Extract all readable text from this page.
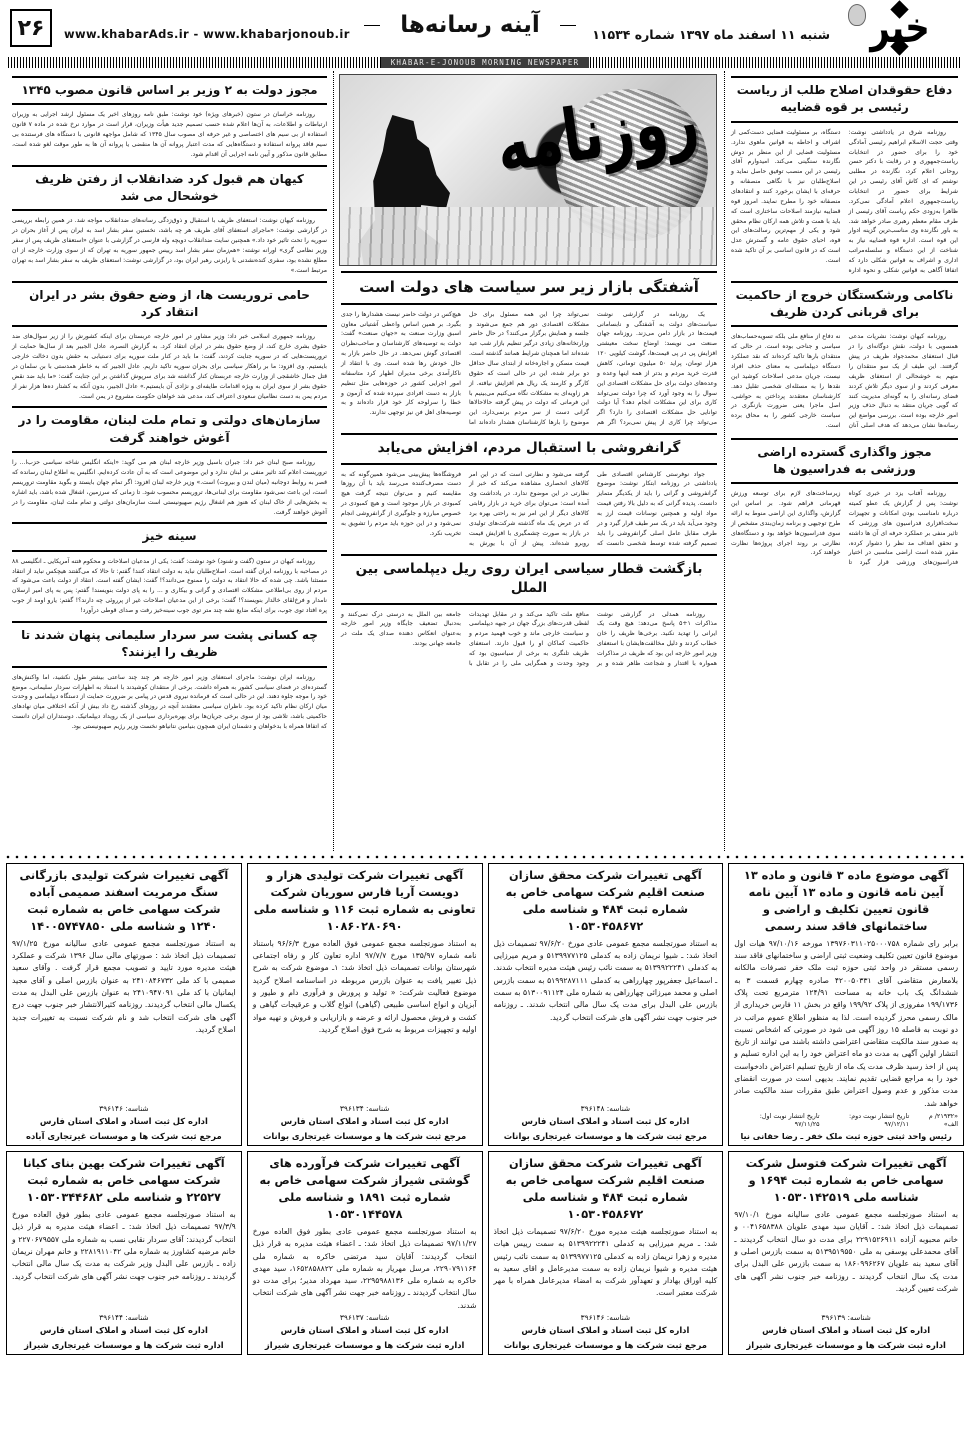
خبر
شنبه ۱۱ اسفند ماه ۱۳۹۷ شماره ۱۱۵۳۴
آینه رسانه‌ها
www.khabarAds.ir - www.khabarjonoub.ir
۲۶
KHABAR-E-JONOUB MORNING NEWSPAPER
دفاع حقوقدان اصلاح طلب از ریاست رئیسی بر قوه قضاییه

روزنامه شرق در یادداشتی نوشت: وقتی حجت الاسلام ابراهیم رئیسی آمادگی خود را برای حضور در انتخابات ریاست‌جمهوری و در رقابت با دکتر حسن روحانی اعلام کرد، نگارنده در مطلبی نوشتم که ای کاش آقای رئیسی در این شرایط برای حضور در انتخابات ریاست‌جمهوری اعلام آمادگی نمی‌کرد. ظاهرا به‌زودی حکم ریاست آقای رئیسی از طرف مقام معظم رهبری صادر خواهد شد. به باور نگارنده وی مناسب‌ترین گزینه ادوار این قوه است. اداره قوه قضاییه نیاز به شناخت از این دستگاه و سلسله‌مراتب اداری و اشراف به قوانین شکلی دارد که اتفاقا آگاهی به قوانین شکلی و نحوه اداره دستگاه، بر مسئولیت قضایی دست‌کمی از اشراف و احاطه به قوانین ماهوی ندارد. مسئولیت قضایی از این منظر بر دوش نگارنده سنگینی می‌کند. امیدوارم آقای رئیسی در این منصب توفیق حاصل نماید و اصلاح‌طلبان نیز با نگاهی منصفانه و حرفه‌ای با ایشان برخورد کنند و انتقادهای منصفانه خود را مطرح نمایند. امروز قوه قضاییه نیازمند اصلاحات ساختاری است که باید با همت و تلاش همه ارکان نظام محقق شود و یکی از مهم‌ترین رسالت‌های این قوه، احیای حقوق عامه و گسترش عدل است که در قانون اساسی بر آن تاکید شده است.

ناکامی ورشکستگان خروج از حاکمیت برای قربانی کردن ظریف

روزنامه کیهان نوشت: نشریات مدعی همسویی با دولت، نقش دوگانه‌ای را در قبال استعفای محمدجواد ظریف در پیش گرفتند. این طیف از یک سو منتقدان را متهم به خوشحالی از استعفای ظریف معرفی کردند و از سوی دیگر تلاش کردند فضای رسانه‌ای را به گونه‌ای مدیریت کنند که گویی جریان منتقد به دنبال حذف وزیر امور خارجه بوده است. بررسی مواضع این رسانه‌ها نشان می‌دهد که هدف اصلی آنان نه دفاع از منافع ملی بلکه تسویه‌حساب‌های سیاسی و جناحی بوده است. در حالی که منتقدان بارها تاکید کرده‌اند که نقد عملکرد دستگاه دیپلماسی به معنای حذف افراد نیست، جریان مدعی اصلاحات کوشید این نقدها را به مسئله‌ای شخصی تقلیل دهد. کارشناسان معتقدند پرداختن به حواشی، اصل ماجرا یعنی ضرورت بازنگری در سیاست خارجی کشور را به محاق برده است.

مجوز واگذاری گسترده اراضی ورزشی به فدراسیون ها

روزنامه آفتاب یزد در خبری کوتاه نوشت: پس از گزارش یک عطو کمیته درباره نامناسب بودن امکانات و تجهیزات سخت‌افزاری فدراسیون های ورزشی که تاثیر منفی بر عملکرد حرفه ای آن ها داشته و تحقق اهداف مد نظر را دشوار کرده، مقرر شده است اراضی مناسبی در اختیار فدراسیون‌های ورزشی قرار گیرد تا زیرساخت‌های لازم برای توسعه ورزش قهرمانی فراهم شود. بر اساس این گزارش، واگذاری این اراضی منوط به ارائه طرح توجیهی و برنامه زمان‌بندی مشخص از سوی فدراسیون‌ها خواهد بود و دستگاه‌های نظارتی بر روند اجرای پروژه‌ها نظارت خواهند کرد.

روزنامه
آشفتگی بازار زیر سر سیاست های دولت است

یک روزنامه در گزارشی نوشت سیاست‌های دولت به آشفتگی و نابسامانی قیمت‌ها در بازار دامن می‌زند. روزنامه جهان صنعت می نویسد: اوضاع سخت معیشتی افزایش پی در پی قیمت‌ها، گوشت کیلویی ۱۲۰ هزار تومان، پراید ۵۰ میلیون تومانی، کاهش قدرت خرید مردم و بدتر از همه اینها وعده و وعده‌های دولت برای حل مشکلات اقتصادی این سوال را به وجود آورد که چرا دولت نمی‌تواند کاری برای این مشکلات انجام دهد؟ آیا دولت توانایی حل مشکلات اقتصادی را دارد؟ اگر می‌تواند چرا کاری از پیش نمی‌برد؟ اگر هم نمی‌تواند چرا این همه مسئول برای حل مشکلات اقتصادی دور هم جمع می‌شوند و جلسه و همایش برگزار می‌کنند؟ در حال حاضر وزارتخانه‌های زیادی درگیر تنظیم بازار شب عید شده‌اند اما همچنان شرایط همانند گذشته است. قیمت مسکن و اجاره‌خانه از ابتدای سال حداقل دو برابر شده، این در حالی است که حقوق کارگر و کارمند یک ریال هم افزایش نیافته. از هر زاویه‌ای به مشکلات نگاه می‌کنیم می‌بینیم با این فرمانی که دولت در پیش گرفته حالاحالاها گرانی دست از سر مردم برنمی‌دارد، این موضوع را بارها کارشناسان هشدار داده‌اند اما هیچ‌کس در دولت حاضر نیست هشدارها را جدی بگیرد. بر همین اساس واعظی آشتیانی معاون اسبق وزارت صنعت به «جهان صنعت» گفت: دولت به توصیه‌های کارشناسان و صاحب‌نظران اقتصادی گوش نمی‌دهد. در حال حاضر بازار به حال خودش رها شده است. وی با انتقاد از ناکارآمدی برخی مدیران اظهار کرد متاسفانه امور اجرایی کشور در حوزه‌هایی مثل تنظیم بازار به دست افرادی سپرده شده که آزمون و خطا را سرلوحه کار خود قرار داده‌اند و به توصیه‌های اهل فن نیز توجهی ندارند.

گرانفروشی با استقبال مردم، افزایش می‌یابد

جواد نوفرستی کارشناس اقتصادی طی یادداشتی در روزنامه ابتکار نوشت: موضوع گرانفروشی و گرانی را باید از یکدیگر متمایز دانست. پدیده گرانی که به دلیل بالا رفتن قیمت مواد اولیه و همچنین نوسانات قیمت ارز به وجود می‌آید باید در یک سر طیف قرار گیرد و در طرف مقابل عامل اصلی گرانفروشی را باید تصمیم گرفته شده توسط شخصی دانست که گرفته می‌شود و نظارتی است که در این امر کالاهای انحصاری مشاهده می‌کند که خبر از نظارتی در این موضوع ندارد. در یادداشت وی آمده است: می‌توان برای خرید در بازار رقابتی کالاهای دیگر از این امر نیز به راحتی بهره برد که در عرض یک ماه گذشته شرکت‌های تولیدی در بازار به صورت چشمگیری با افزایش قیمت روبرو شده‌اند. پیش از آن با یورش به فروشگاه‌ها پیش‌بینی می‌شود همین‌گونه که به دست مصرف‌کننده می‌رسد باید با آن روزها مقایسه کنیم و می‌توان نتیجه گرفت هیچ کمبودی در بازار موجود است و هیچ کمبودی در خصوص مبارزه و جلوگیری از گرانفروشی انجام نمی‌شود و در این حوزه باید مردم را تشویق به تخریب نکرد.

بازگشت قطار سیاسی ایران روی ریل دیپلماسی بین الملل

روزنامه همدلی در گزارشی نوشت مذاکرات ۱+۵ پاسخ می‌دهد: هیچ وقت یک ایرانی را تهدید نکنید. برخی‌ها ظریف را خان خطاب کردند و دلیل مخالفت‌هایشان با استعفای وزیر امور خارجه این بود که ظریف در مذاکرات همواره با اقتدار و شجاعت ظاهر شده و بر منافع ملت تاکید می‌کند و در مقابل تهدیدات لفظی قدرت‌های بزرگ جهان در جبهه دیپلماسی و سیاست خارجی ماند و خوب فهمید مردم و حاکمیت کماکان او را قبول دارند. استعفای ظریف تلنگری به برخی از سیاسیون بود که وجود وحدت و همگرایی ملی را در تقابل با جامعه بین الملل به درستی درک نمی‌کنند و به‌دنبال تضعیف جایگاه وزیر امور خارجه به‌عنوان انعکاس دهنده صدای یک ملت در جامعه جهانی بودند.

مجوز دولت به ۲ وزیر بر اساس قانون مصوب ۱۳۴۵

روزنامه خراسان در ستون (خبرهای ویژه) خود نوشت: طبق نامه روزهای اخیر یک مسئول ارشد اجرایی به وزیران ارتباطات و اطلاعات، به آن‌ها اعلام شده حسب تصمیم جدید هیأت وزیران، قرار است در موارد نرخ شده در ماده ۷ قانون استفاده از بی سیم های اختصاصی و غیر حرفه ای مصوب سال ۱۳۴۵ که شامل مواجهه قانونی با دستگاه های فرستنده بی سیم فاقد پروانه استفاده و دستگاه‌هایی که مدت اعتبار پروانه آن ها منقضی یا پروانه آن ها به طور موقت لغو شده است، مطابق قانون مذکور و آیین نامه اجرایی آن اقدام شود.

کیهان هم قبول کرد ضدانقلاب از رفتن ظریف خوشحال می شد

روزنامه کیهان نوشت: استعفای ظریف با استقبال و ذوق‌زدگی رسانه‌های ضدانقلاب مواجه شد. در همین رابطه برریسی در گزارشی نوشت: «ماجرای استعفای آقای ظریف هر چه باشد، نخستین سفر بشار اسد به ایران پس از آغاز بحران در سوریه را تحت تاثیر خود داد.» همچنین سایت ضدانقلاب دویچه وله فارسی در گزارشی با عنوان «استعفای ظریف پس از سفر وزیر نظامی گری» اورانه نوشته: «هم‌زمان سفر بشار اسد رییس جمهور سوریه به تهران که از سوی وزارت خارجه از ان مطلع نشده بود، سفری کنده‌نشدنی با رایزنی رهبر ایران بود، در گزارشی نوشت: استعفای ظریف به سفر بشار اسد به تهران مرتبط است.»

حامی تروریست ها، از وضع حقوق بشر در ایران انتقاد کرد

روزنامه جمهوری اسلامی خبر داد: وزیر مشاور در امور خارجه عربستان برای اینکه کشورش را از زیر سوال‌های ضد حقوق بشری خارج کند، از وضع حقوق بشر در ایران انتقاد کرد. به گزارش النصره، عادل الجبیر بعد از سال‌ها حمایت از تروریست‌هایی که در سوریه جنایت کردند، گفت: ما باید در کنار ملت سوریه برای دستیابی به حقش بدون دخالت خارجی بایستیم. وی افزود: ما بر راهکار سیاسی برای بحران سوریه تاکید داریم. عادل الجبیر که به خاطر همدستی با بن سلمان در قتل جمال خاشقجی از وزارت خارجه عربستان کنار گذاشته شد برای سرپوش گذاشتن بر این جنایت گفت: «ما باید ضد نقض حقوق بشر از سوی ایران به ویژه اقدامات طایفه‌ای و نژادی آن بایستیم.» عادل الجبیر، بدون آنکه به کشتار ده‌ها هزار نفر از مردم یمن به دست نظامیان سعودی اعتراف کند، مدعی شد خواهان حکومت مشروع در یمن است.

سازمان‌های دولتی و تمام ملت لبنان، مقاومت را در آغوش خواهند گرفت

روزنامه صبح لبنان خبر داد: جبران باسیل وزیر خارجه لبنان هم می گوید: «اینکه انگلیس شاخه سیاسی حزب‌ا... را تروریست اعلام کند تاثیر منفی بر لبنان ندارد و این موضوعی است که به آن عادت کرده‌ایم. انگلیس به اطلاع لبنان رسانده که قصر به روابط دوجانبه (میان لندن و بیروت) است.» وزیر خارجه لبنان افزود: اگر تمام جهان بایستد و بگوید مقاومت تروریسم است، این باعث نمی‌شود مقاومت برای لبنانی‌ها، تروریسم محسوب شود. تا زمانی که سرزمین، اشغال شده باشد، باید اشاره به بخش‌هایی از خاک لبنان که هنوز هم اشغال رژیم صهیونیستی است سازمان‌های دولتی و تمام ملت لبنان، مقاومت را در آغوش خواهند گرفت.

سینه خیز

روزنامه کیهان در ستون (گفت و شنود) خود نوشت: گفت: یکی از مدعیان اصلاحات و محکوم فتنه آمریکایی ـ انگلیسی ۸۸ در مصاحبه با روزنامه ایران گفته است. اصلاح‌طلبان نباید به دولت انتقاد کنند! گفتم: تا حالا که می‌گفتند هیچکس نباید از انتقاد مستثنا باشد. چی شده که حالا انتقاد به دولت را ممنوع می‌دانند؟! گفت: ایشان گفته است. انتقاد از دولت باعث می‌شود که مردم از روی بی‌اطلاعی مشکلات اقتصادی و گرانی و بیکاری و ... را به پای دولت بنویسند! گفتم: پس به پای امیر ارسلان نامدار و فرخ‌لقای خالدار بنویسند؟! گفت: برخی از این مدعیان اصلاحات غیر از پرروئی چه دارند؟! گفتم: یارو اومد از جوب پره افتاد توی جوب، برای اینکه ضایع نشه چند متر توی جوب سینه‌خیز رفت و صدای قوطی درآورد!

چه کسانی پشت سر سردار سلیمانی پنهان شدند تا ظریف را ایزنند؟

روزنامه ایران نوشت: ماجرای استعفای وزیر امور خارجه هر چند چند ساعتی بیشتر طول نکشید، اما واکنش‌های گسترده‌ای در فضای سیاسی کشور به همراه داشت. برخی از منتقدان کوشیدند با استناد به اظهارات سردار سلیمانی، موضع خود را موجه جلوه دهند. این در حالی است که فرمانده نیروی قدس در پیامی بر ضرورت حمایت از دستگاه دیپلماسی و وحدت میان ارکان نظام تاکید کرده بود. ناظران سیاسی معتقدند آنچه در روزهای گذشته رخ داد بیش از آنکه اختلافی میان نهادهای حاکمیتی باشد، تلاشی بود از سوی برخی جریان‌ها برای بهره‌برداری سیاسی از یک رویداد دیپلماتیک. دوستداران ایران دانست که اتفاقا همراه با بدخواهان و دشمنان ایران همچون بنیامین نتانیاهو نخست وزیر رژیم صهیونیستی بود.

آگهی موضوع ماده ۳ قانون و ماده ۱۳ آیین نامه قانون و ماده ۱۳ آیین نامه قانون تعیین تکلیف و اراضی و ساختمانهای فاقد سند رسمی

برابر رای شماره ۱۳۹۷۶۰۳۱۱۰۲۵۰۰۰۷۵۸ مورخه ۹۷/۱۰/۱۶ هیات اول موضوع قانون تعیین تکلیف وضعیت ثبتی اراضی و ساختمانهای فاقد سند رسمی مستقر در واحد ثبتی حوزه ثبت ملک خفر تصرفات مالکانه بلامعارض متقاضی آقای ۴۲۰۰۵۰۳۳۱ صادره چهارم قسمت ۳ به ششدانگ یک باب خانه به مساحت ۱۲۴/۹۱ مترمربع تحت پلاک ۱۹۹/۱۷۳۶ مفروزی از پلاک ۱۹۹/۹۲ واقع در بخش ۱۱ فارس خریداری از مالک رسمی محرز گردیده است. لذا به منظور اطلاع عموم مراتب در دو نوبت به فاصله ۱۵ روز آگهی می شود در صورتی که اشخاص نسبت به صدور سند مالکیت متقاضی اعتراضی داشته باشند می توانند از تاریخ انتشار اولین آگهی به مدت دو ماه اعتراض خود را به این اداره تسلیم و پس از اخذ رسید ظرف مدت یک ماه از تاریخ تسلیم اعتراض دادخواست خود را به مراجع قضایی تقدیم نمایند. بدیهی است در صورت انقضای مدت مذکور و عدم وصول اعتراض طبق مقررات سند مالکیت صادر خواهد شد.

«۲۱۹۳۲/ م الف»
تاریخ انتشار نوبت دوم: ۹۷/۱۲/۱۱
تاریخ انتشار نوبت اول: ۹۷/۱۱/۲۵
رئیس واحد ثبتی حوزه ثبت ملک خفر ـ رضا حقانی نیا
آگهی تغییرات شرکت محقق سازان صنعت اقلیم شرکت سهامی خاص به شماره ثبت ۴۸۴ و شناسه ملی ۱۰۵۳۰۴۵۸۶۷۲

به استناد صورتجلسه مجمع عمومی عادی مورخ ۹۷/۶/۲۰ تصمیمات ذیل اتخاذ شد: ـ شیوا نریمان زاده به کدملی ۵۱۳۹۹۷۷۱۲۵ و مریم میرزایی به کدملی ۵۱۳۹۹۲۲۲۴۱ به سمت نائب رئیس هیئت مدیره انتخاب شدند. ـ اسماعیل جعفرپور چهارراهی به کدملی ۵۱۹۹۲۸۷۱۱۱ به سمت بازرس اصلی و محمد میرزائی چهارراهی به شماره ملی ۵۱۳۰۰۹۱۱۲۴ به سمت بازرس علی البدل برای مدت یک سال مالی انتخاب شدند. ـ روزنامه خبر جنوب جهت نشر آگهی های شرکت انتخاب گردید.

شناسه: ۳۹۶۱۴۸
اداره کل ثبت اسناد و املاک استان فارس
مرجع ثبت شرکت ها و موسسات غیرتجاری بوانات
آگهی تغییرات شرکت تولیدی هزار و دویست آریا فارس سوریان شرکت تعاونی به شماره ثبت ۱۱۶ و شناسه ملی ۱۰۸۶۰۲۸۰۶۹۰

به استناد صورتجلسه مجمع عمومی فوق العاده مورخ ۹۶/۶/۳ باستناد نامه شماره ۱۳۵/۹۷ مورخ ۹۷/۷/۷ اداره تعاون کار و رفاه اجتماعی شهرستان بوانات تصمیمات ذیل اتخاذ شد: ۱ـ موضوع شرکت به شرح ذیل تغییر یافت به عنوان بازرس مربوطه در اساسنامه اصلاح گردید موضوع فعالیت شرکت: « تولید و پرورش و فرآوری دام و طیور و آبزیان و انواع اساسی طبیعی (گیاهی) انواع گلاب و عرقیجات گیاهی و کشت و فروش محصول ارائه و عرضه و بازاریابی و فروش و تهیه مواد اولیه و تجهیزات مربوط به شرح فوق اصلاح گردید.

شناسه: ۳۹۶۱۳۴
اداره کل ثبت اسناد و املاک استان فارس
مرجع ثبت شرکت ها و موسسات غیرتجاری بوانات
آگهی تغییرات شرکت تولیدی بازرگانی سنگ مرمریت اسفند صمیمی آباده شرکت سهامی خاص به شماره ثبت ۱۲۴۰ و شناسه ملی ۱۴۰۰۵۷۴۷۸۵۰

به استناد صورتجلسه مجمع عمومی عادی سالیانه مورخ ۹۷/۱/۲۵ تصمیمات ذیل اتخاذ شد : صورتهای مالی سال ۱۳۹۶ شرکت و عملکرد هیئت مدیره مورد تایید و تصویب مجمع قرار گرفت . وآقای سعید صمیمی با کد ملی ۲۴۱۰۸۴۶۷۳۲ به عنوان بازرس اصلی و آقای مجید ایمانیان با کد ملی ۲۴۱۰۹۴۷۰۹۱ به عنوان بازرس علی البدل به مدت یکسال مالی انتخاب گردیدند. روزنامه کثیرالانتشار خبر جنوب جهت درج آگهی های شرکت انتخاب شد و نام شرکت نسبت به تغییرات جدید اصلاح گردید.

شناسه: ۳۹۶۱۴۶
اداره کل ثبت اسناد و املاک استان فارس
مرجع ثبت شرکت ها و موسسات غیرتجاری آباده
آگهی تغییرات شرکت فتوسل شرکت سهامی خاص به شماره ثبت ۱۶۹۴ و شناسه ملی ۱۰۵۳۰۱۴۲۵۱۹

به استناد صورتجلسه مجمع عمومی عادی سالیانه مورخ ۹۷/۱۰/۱ تصمیمات ذیل اتخاذ شد: ـ آقایان سید مهدی علویان ۰۰۴۱۶۵۸۳۸۸ و خانم محبوبه آزاده ۲۲۹۱۵۲۶۹۱۱ برای مدت دو سال انتخاب گردیدند ـ آقای محمدعلی یوسفی به ملی ۵۱۳۹۵۱۹۵۵۰ به سمت بازرس اصلی و آقای سعید بنه علویان ۱۸۶۰۹۹۶۲۶۷ به سمت بازرس علی البدل برای مدت یک سال انتخاب گردیدند ـ روزنامه خبر جنوب نشر آگهی های شرکت تعیین گردید.

شناسه: ۳۹۶۱۳۹
اداره کل ثبت اسناد و املاک استان فارس
اداره ثبت شرکت ها و موسسات غیرتجاری شیراز
آگهی تغییرات شرکت محقق سازان صنعت اقلیم شرکت سهامی خاص به شماره ثبت ۴۸۴ و شناسه ملی ۱۰۵۳۰۴۵۸۶۷۲

به استناد صورتجلسه هیئت مدیره مورخ ۹۷/۶/۲۰ تصمیمات ذیل اتخاذ شد: ـ مریم میرزایی به کدملی ۵۱۳۹۹۲۲۲۴۱ به سمت رییس هیات مدیره و زهرا نریمان زاده به کدملی ۵۱۳۹۹۷۷۱۲۵ به سمت نائب رئیس هیئت مدیره و شیوا نریمان زاده به سمت مدیرعامل و اقای سعید به کلیه اوراق بهادار و تعهدآور شرکت به امضاء مدیرعامل همراه با مهر شرکت معتبر است.

شناسه: ۳۹۶۱۴۶
اداره کل ثبت اسناد و املاک استان فارس
مرجع ثبت شرکت ها و موسسات غیرتجاری بوانات
آگهی تغییرات شرکت فرآورده های گوشتی شیراز شرکت سهامی خاص به شماره ثبت ۱۸۹۱ و شناسه ملی ۱۰۵۳۰۱۴۴۵۷۸

به استناد صورتجلسه مجمع عمومی عادی بطور فوق العاده مورخ ۹۷/۱۱/۲۷ تصمیمات ذیل اتخاذ شد: ـ اعضاء هیئت مدیره به قرار ذیل انتخاب گردیدند: آقایان سید مرتضی خاکره به شماره ملی ۲۲۹۰۷۹۱۱۶۴، مرسل مهریار به شماره ملی ۱۶۵۲۸۵۸۸۲۲، سید مهدی خاکره به شماره ملی ۲۲۹۵۹۸۸۱۳۶، سید مهرداد مدیر؛ برای مدت دو سال انتخاب گردیدند ـ روزنامه خبر جهت نشر آگهی های شرکت انتخاب شدند.

شناسه: ۳۹۶۱۳۷
اداره کل ثبت اسناد و املاک استان فارس
اداره ثبت شرکت ها و موسسات غیرتجاری شیراز
آگهی تغییرات شرکت بهین بنای کیانا شرکت سهامی خاص به شماره ثبت ۲۲۵۲۷ و شناسه ملی ۱۰۵۳۰۳۴۴۶۸۲

به استناد صورتجلسه مجمع عمومی عادی بطور فوق العاده مورخ ۹۷/۳/۹ تصمیمات ذیل اتخاذ شد: ـ اعضاء هیئت مدیره به قرار ذیل انتخاب گردیدند: آقای سردار نقابی نسب به شماره ملی ۲۲۷۰۶۷۹۵۵۷ و خانم مرضیه کشاورز به شماره ملی ۲۲۸۱۹۱۱۰۴۲ و خانم مهران نریمان زاده ـ بازرس علی البدل وزیر شرکت به مدت یک سال مالی انتخاب گردیدند ـ روزنامه خبر جنوب جهت نشر آگهی های شرکت انتخاب گردید.

شناسه: ۳۹۶۱۴۴
اداره کل ثبت اسناد و املاک استان فارس
اداره ثبت شرکت ها و موسسات غیرتجاری شیراز
